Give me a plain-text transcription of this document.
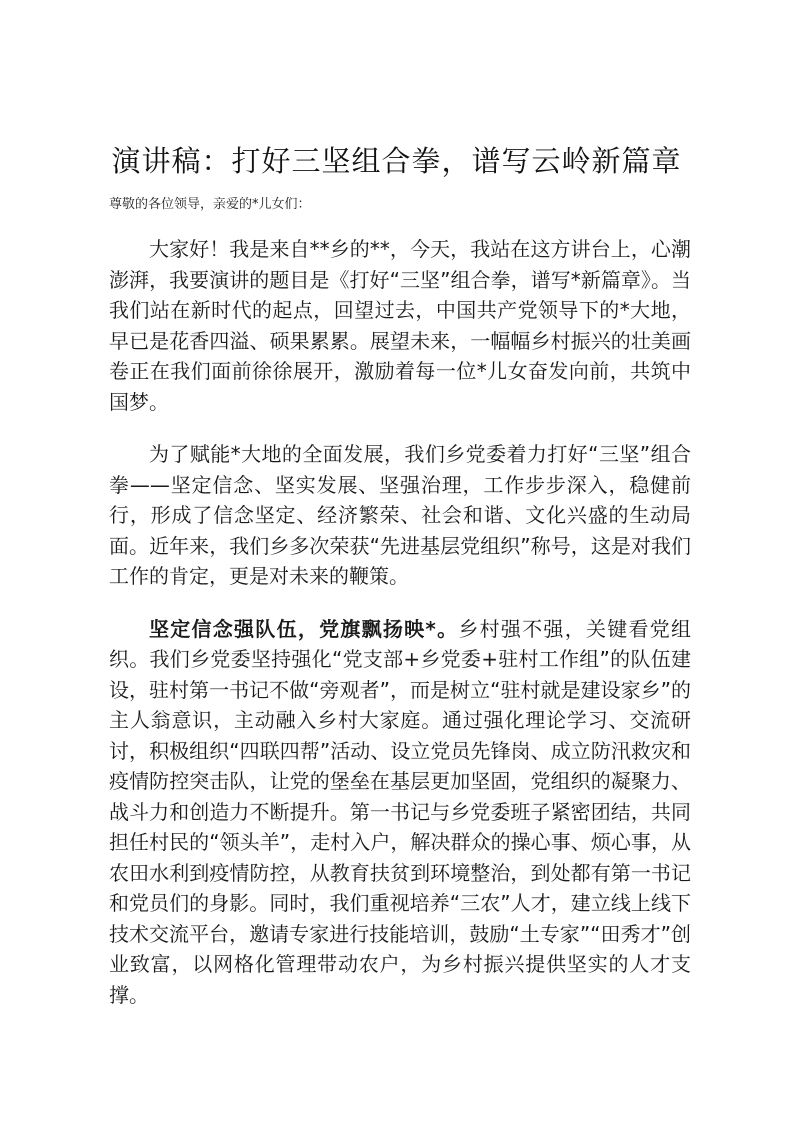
演讲稿：打好三坚组合拳，谱写云岭新篇章

尊敬的各位领导，亲爱的*儿女们：

大家好！我是来自**乡的**，今天，我站在这方讲台上，心潮澎湃，我要演讲的题目是《打好“三坚”组合拳，谱写*新篇章》。当我们站在新时代的起点，回望过去，中国共产党领导下的*大地，早已是花香四溢、硕果累累。展望未来，一幅幅乡村振兴的壮美画卷正在我们面前徐徐展开，激励着每一位*儿女奋发向前，共筑中国梦。

为了赋能*大地的全面发展，我们乡党委着力打好“三坚”组合拳——坚定信念、坚实发展、坚强治理，工作步步深入，稳健前行，形成了信念坚定、经济繁荣、社会和谐、文化兴盛的生动局面。近年来，我们乡多次荣获“先进基层党组织”称号，这是对我们工作的肯定，更是对未来的鞭策。

坚定信念强队伍，党旗飘扬映*。乡村强不强，关键看党组织。我们乡党委坚持强化“党支部+乡党委+驻村工作组”的队伍建设，驻村第一书记不做“旁观者”，而是树立“驻村就是建设家乡”的主人翁意识，主动融入乡村大家庭。通过强化理论学习、交流研讨，积极组织“四联四帮”活动、设立党员先锋岗、成立防汛救灾和疫情防控突击队，让党的堡垒在基层更加坚固，党组织的凝聚力、战斗力和创造力不断提升。第一书记与乡党委班子紧密团结，共同担任村民的“领头羊”，走村入户，解决群众的操心事、烦心事，从农田水利到疫情防控，从教育扶贫到环境整治，到处都有第一书记和党员们的身影。同时，我们重视培养“三农”人才，建立线上线下技术交流平台，邀请专家进行技能培训，鼓励“土专家”“田秀才”创业致富，以网格化管理带动农户，为乡村振兴提供坚实的人才支撑。
